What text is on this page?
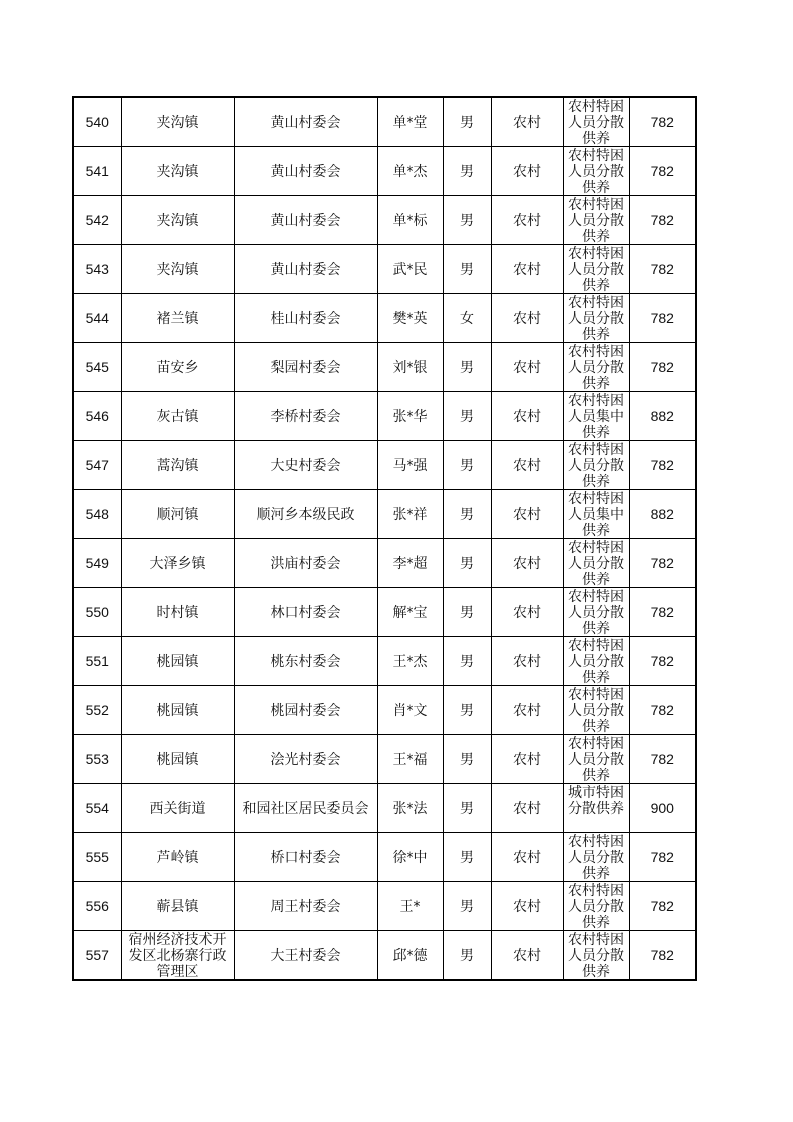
540	夹沟镇	黄山村委会	单*堂	男	农村	农村特困人员分散供养	782
541	夹沟镇	黄山村委会	单*杰	男	农村	农村特困人员分散供养	782
542	夹沟镇	黄山村委会	单*标	男	农村	农村特困人员分散供养	782
543	夹沟镇	黄山村委会	武*民	男	农村	农村特困人员分散供养	782
544	褚兰镇	桂山村委会	樊*英	女	农村	农村特困人员分散供养	782
545	苗安乡	梨园村委会	刘*银	男	农村	农村特困人员分散供养	782
546	灰古镇	李桥村委会	张*华	男	农村	农村特困人员集中供养	882
547	蒿沟镇	大史村委会	马*强	男	农村	农村特困人员分散供养	782
548	顺河镇	顺河乡本级民政	张*祥	男	农村	农村特困人员集中供养	882
549	大泽乡镇	洪庙村委会	李*超	男	农村	农村特困人员分散供养	782
550	时村镇	林口村委会	解*宝	男	农村	农村特困人员分散供养	782
551	桃园镇	桃东村委会	王*杰	男	农村	农村特困人员分散供养	782
552	桃园镇	桃园村委会	肖*文	男	农村	农村特困人员分散供养	782
553	桃园镇	浍光村委会	王*福	男	农村	农村特困人员分散供养	782
554	西关街道	和园社区居民委员会	张*法	男	农村	城市特困分散供养	900
555	芦岭镇	桥口村委会	徐*中	男	农村	农村特困人员分散供养	782
556	蕲县镇	周王村委会	王*	男	农村	农村特困人员分散供养	782
557	宿州经济技术开发区北杨寨行政管理区	大王村委会	邱*德	男	农村	农村特困人员分散供养	782
